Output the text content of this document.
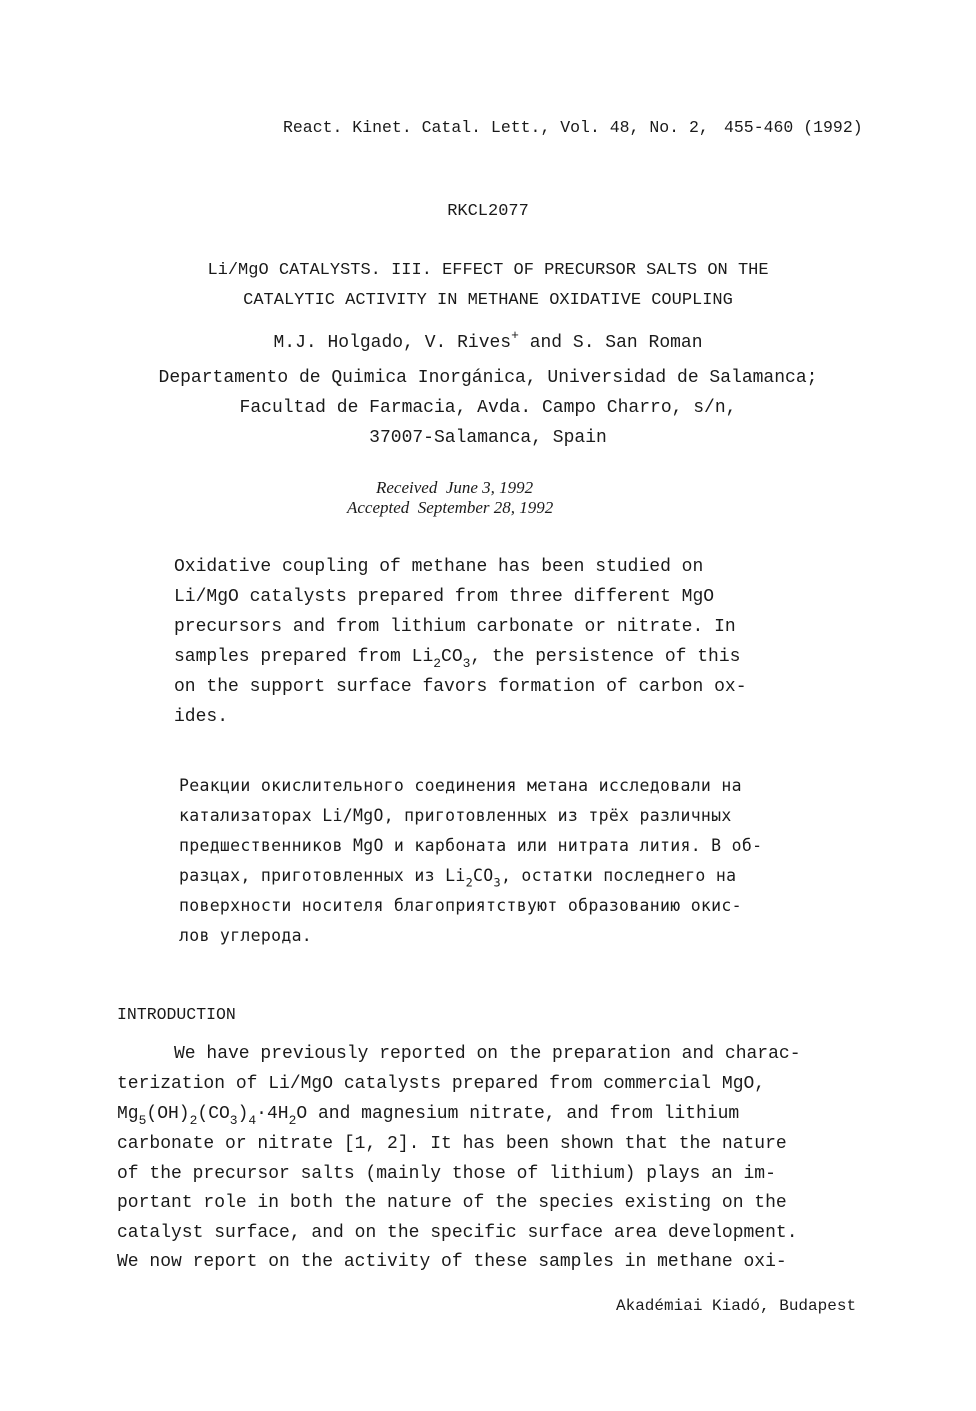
React. Kinet. Catal. Lett., Vol. 48, No. 2, 455-460 (1992)
RKCL2077
Li/MgO CATALYSTS. III. EFFECT OF PRECURSOR SALTS ON THE
CATALYTIC ACTIVITY IN METHANE OXIDATIVE COUPLING
M.J. Holgado, V. Rives+ and S. San Roman
Departamento de Quimica Inorgánica, Universidad de Salamanca;
Facultad de Farmacia, Avda. Campo Charro, s/n,
37007-Salamanca, Spain
Received June 3, 1992
Accepted September 28, 1992
Oxidative coupling of methane has been studied on
Li/MgO catalysts prepared from three different MgO
precursors and from lithium carbonate or nitrate. In
samples prepared from $Li_2CO_3$, the persistence of this
on the support surface favors formation of carbon ox-
ides.
Реакции окислительного соединения метана исследовали на
катализаторах Li/MgO, приготовленных из трёх различных
предшественников MgO и карбоната или нитрата лития. В об-
разцах, приготовленных из $Li_2CO_3$, остатки последнего на
поверхности носителя благоприятствуют образованию окис-
лов углерода.
INTRODUCTION
We have previously reported on the preparation and charac-
terization of Li/MgO catalysts prepared from commercial MgO,
$Mg_5(OH)_2(CO_3)_4\cdot 4H_2O$ and magnesium nitrate, and from lithium
carbonate or nitrate [1, 2]. It has been shown that the nature
of the precursor salts (mainly those of lithium) plays an im-
portant role in both the nature of the species existing on the
catalyst surface, and on the specific surface area development.
We now report on the activity of these samples in methane oxi-
Akadémiai Kiadó, Budapest
